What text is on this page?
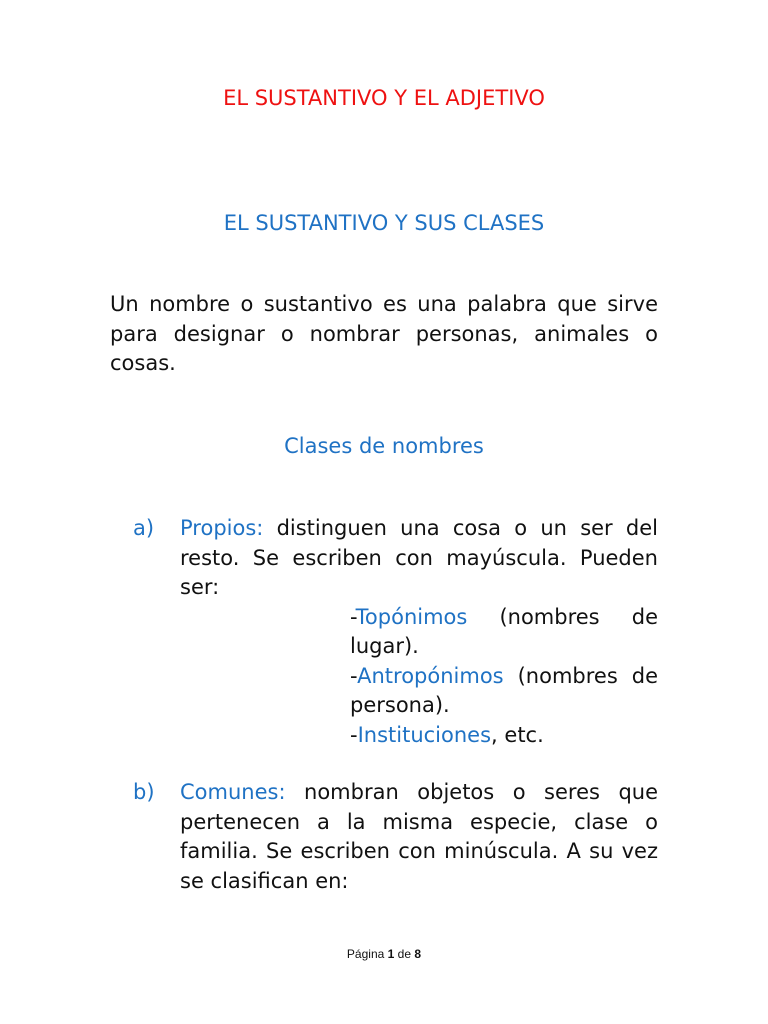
EL SUSTANTIVO Y EL ADJETIVO
EL SUSTANTIVO Y SUS CLASES
Un nombre o sustantivo es una palabra que sirve para designar o nombrar personas, animales o cosas.
Clases de nombres
a) Propios: distinguen una cosa o un ser del resto. Se escriben con mayúscula. Pueden ser:
-Topónimos (nombres de lugar).
-Antropónimos (nombres de persona).
-Instituciones, etc.
b) Comunes: nombran objetos o seres que pertenecen a la misma especie, clase o familia. Se escriben con minúscula. A su vez se clasifican en:
Página 1 de 8
